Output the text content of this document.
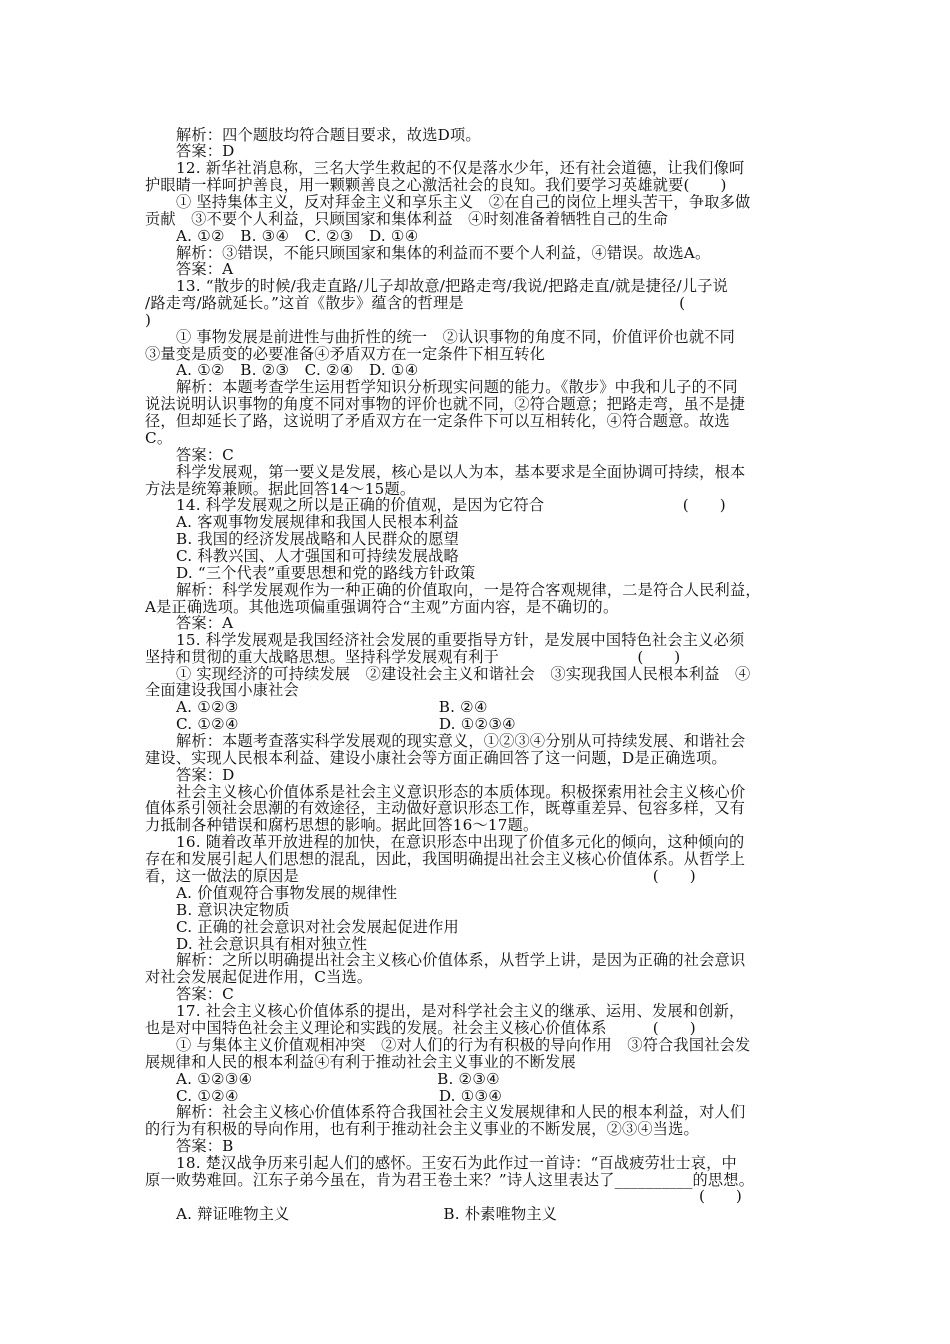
解析：四个题肢均符合题目要求，故选D项。
答案：D
12. 新华社消息称，三名大学生救起的不仅是落水少年，还有社会道德，让我们像呵
护眼睛一样呵护善良，用一颗颗善良之心激活社会的良知。我们要学习英雄就要(　　)
① 坚持集体主义，反对拜金主义和享乐主义　②在自己的岗位上埋头苦干，争取多做
贡献　③不要个人利益，只顾国家和集体利益　④时刻准备着牺牲自己的生命
A. ①②　B. ③④　C. ②③　D. ①④
解析：③错误，不能只顾国家和集体的利益而不要个人利益，④错误。故选A。
答案：A
13. “散步的时候/我走直路/儿子却故意/把路走弯/我说/把路走直/就是捷径/儿子说
/路走弯/路就延长。”这首《散步》蕴含的哲理是　　　　　　　　　　　　　　(
)
① 事物发展是前进性与曲折性的统一　②认识事物的角度不同，价值评价也就不同
③量变是质变的必要准备④矛盾双方在一定条件下相互转化
A. ①②　B. ②③　C. ②④　D. ①④
解析：本题考查学生运用哲学知识分析现实问题的能力。《散步》中我和儿子的不同
说法说明认识事物的角度不同对事物的评价也就不同，②符合题意；把路走弯，虽不是捷
径，但却延长了路，这说明了矛盾双方在一定条件下可以互相转化，④符合题意。故选
C。
答案：C
科学发展观，第一要义是发展，核心是以人为本，基本要求是全面协调可持续，根本
方法是统筹兼顾。据此回答14～15题。
14. 科学发展观之所以是正确的价值观，是因为它符合　　　　　　　　　(　　)
A. 客观事物发展规律和我国人民根本利益
B. 我国的经济发展战略和人民群众的愿望
C. 科教兴国、人才强国和可持续发展战略
D. “三个代表”重要思想和党的路线方针政策
解析：科学发展观作为一种正确的价值取向，一是符合客观规律，二是符合人民利益，
A是正确选项。其他选项偏重强调符合“主观”方面内容，是不确切的。
答案：A
15. 科学发展观是我国经济社会发展的重要指导方针，是发展中国特色社会主义必须
坚持和贯彻的重大战略思想。坚持科学发展观有利于　　　　　　　　　(　　)
① 实现经济的可持续发展　②建设社会主义和谐社会　③实现我国人民根本利益　④
全面建设我国小康社会
A. ①②③　　　　　　　　　　　　　B. ②④
C. ①②④　　　　　　　　　　　　　D. ①②③④
解析：本题考查落实科学发展观的现实意义，①②③④分别从可持续发展、和谐社会
建设、实现人民根本利益、建设小康社会等方面正确回答了这一问题，D是正确选项。
答案：D
社会主义核心价值体系是社会主义意识形态的本质体现。积极探索用社会主义核心价
值体系引领社会思潮的有效途径，主动做好意识形态工作，既尊重差异、包容多样，又有
力抵制各种错误和腐朽思想的影响。据此回答16～17题。
16. 随着改革开放进程的加快，在意识形态中出现了价值多元化的倾向，这种倾向的
存在和发展引起人们思想的混乱，因此，我国明确提出社会主义核心价值体系。从哲学上
看，这一做法的原因是　　　　　　　　　　　　　　　　　　　　　　　(　　)
A. 价值观符合事物发展的规律性
B. 意识决定物质
C. 正确的社会意识对社会发展起促进作用
D. 社会意识具有相对独立性
解析：之所以明确提出社会主义核心价值体系，从哲学上讲，是因为正确的社会意识
对社会发展起促进作用，C当选。
答案：C
17. 社会主义核心价值体系的提出，是对科学社会主义的继承、运用、发展和创新，
也是对中国特色社会主义理论和实践的发展。社会主义核心价值体系　　　(　　)
① 与集体主义价值观相冲突　②对人们的行为有积极的导向作用　③符合我国社会发
展规律和人民的根本利益④有利于推动社会主义事业的不断发展
A. ①②③④　　　　　　　　　　　　B. ②③④
C. ①②④　　　　　　　　　　　　　D. ①③④
解析：社会主义核心价值体系符合我国社会主义发展规律和人民的根本利益，对人们
的行为有积极的导向作用，也有利于推动社会主义事业的不断发展，②③④当选。
答案：B
18. 楚汉战争历来引起人们的感怀。王安石为此作过一首诗：“百战疲劳壮士哀，中
原一败势难回。江东子弟今虽在，肯为君王卷土来？”诗人这里表达了__________的思想。
　　　　　　　　　　　　　　　　　　　　　　　　　　　　　　　　　　　　(　　)
A. 辩证唯物主义　　　　　　　　　　B. 朴素唯物主义
